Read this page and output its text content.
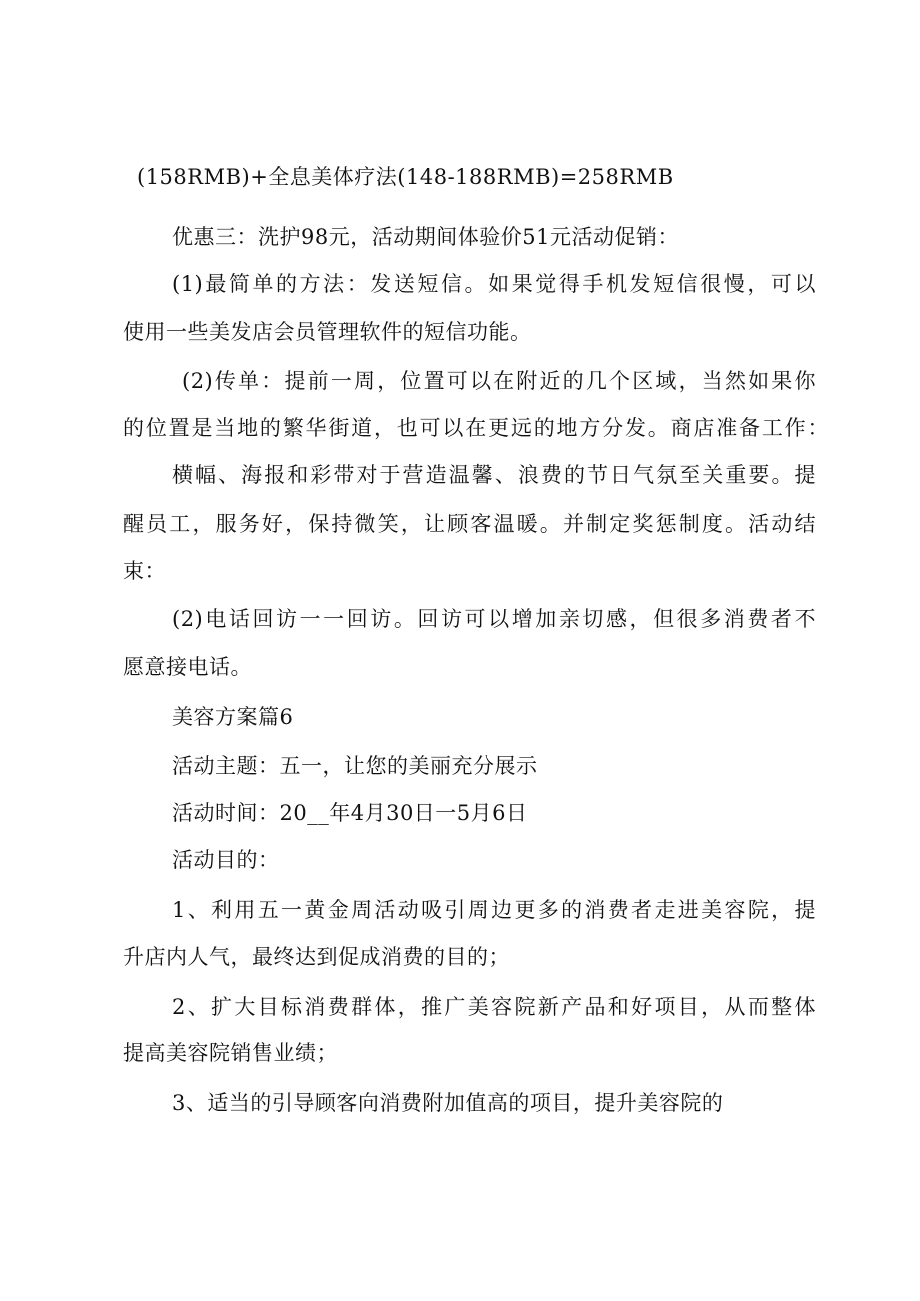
(158RMB)+全息美体疗法(148-188RMB)=258RMB

优惠三：洗护98元，活动期间体验价51元活动促销：

(1)最简单的方法：发送短信。如果觉得手机发短信很慢，可以

使用一些美发店会员管理软件的短信功能。

(2)传单：提前一周，位置可以在附近的几个区域，当然如果你

的位置是当地的繁华街道，也可以在更远的地方分发。商店准备工作：

横幅、海报和彩带对于营造温馨、浪费的节日气氛至关重要。提

醒员工，服务好，保持微笑，让顾客温暖。并制定奖惩制度。活动结

束：

(2)电话回访一一回访。回访可以增加亲切感，但很多消费者不

愿意接电话。

美容方案篇6

活动主题：五一，让您的美丽充分展示

活动时间：20__年4月30日一5月6日

活动目的：

1、利用五一黄金周活动吸引周边更多的消费者走进美容院，提

升店内人气，最终达到促成消费的目的；

2、扩大目标消费群体，推广美容院新产品和好项目，从而整体

提高美容院销售业绩；

3、适当的引导顾客向消费附加值高的项目，提升美容院的
